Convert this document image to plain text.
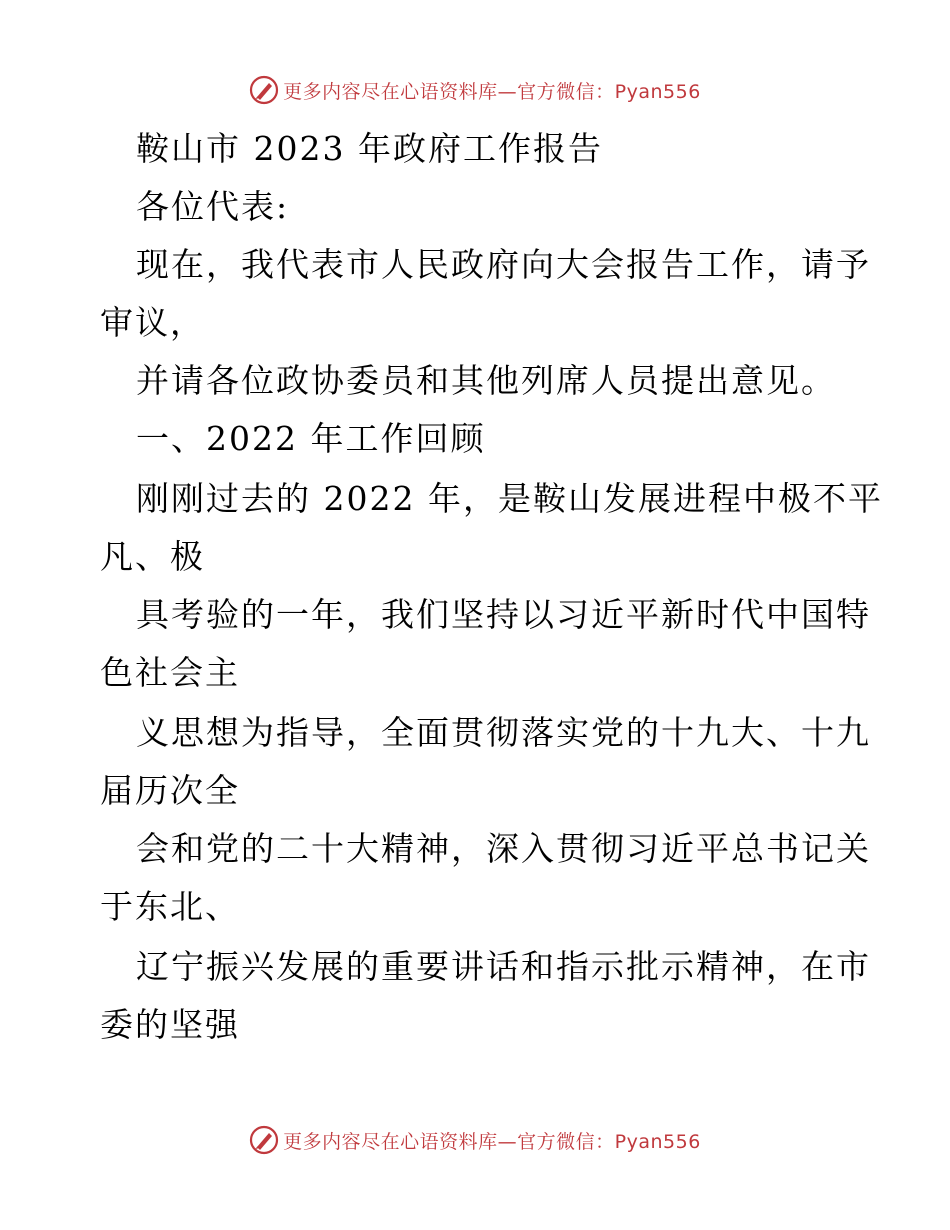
更多内容尽在心语资料库—官方微信：Pyan556
鞍山市 2023 年政府工作报告
各位代表:
现在，我代表市人民政府向大会报告工作，请予
审议，
并请各位政协委员和其他列席人员提出意见。
一、2022 年工作回顾
刚刚过去的 2022 年，是鞍山发展进程中极不平
凡、极
具考验的一年，我们坚持以习近平新时代中国特
色社会主
义思想为指导，全面贯彻落实党的十九大、十九
届历次全
会和党的二十大精神，深入贯彻习近平总书记关
于东北、
辽宁振兴发展的重要讲话和指示批示精神，在市
委的坚强
更多内容尽在心语资料库—官方微信：Pyan556
